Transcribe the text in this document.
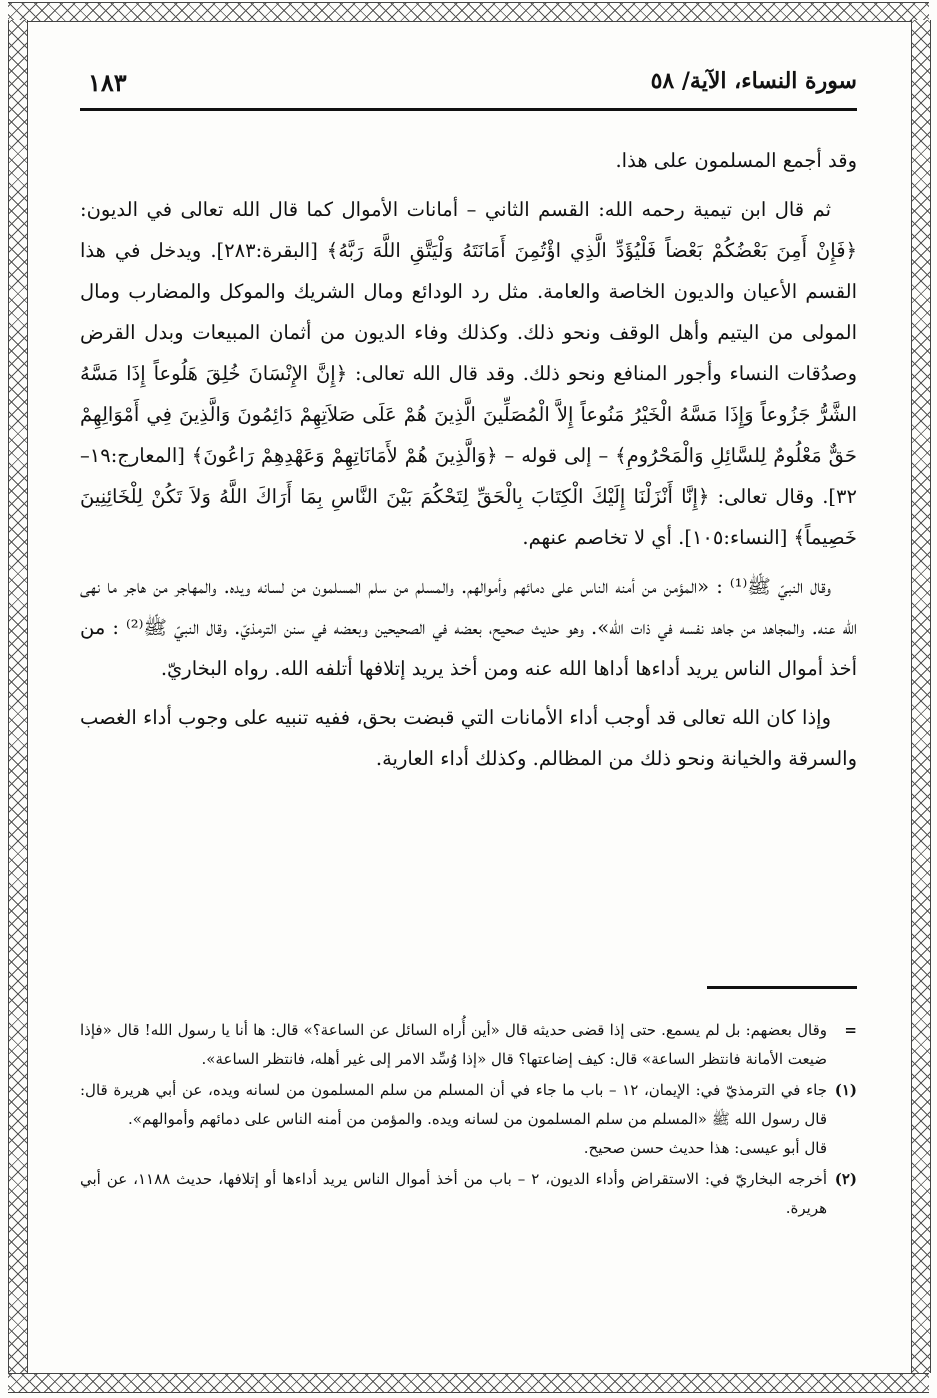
سورة النساء، الآية/ ٥٨
١٨٣

وقد أجمع المسلمون على هذا.

ثم قال ابن تيمية رحمه الله: القسم الثاني – أمانات الأموال كما قال الله تعالى في الديون: ﴿فَإِنْ أَمِنَ بَعْضُكُمْ بَعْضاً فَلْيُؤَدِّ الَّذِي اؤْتُمِنَ أَمَانَتَهُ وَلْيَتَّقِ اللَّهَ رَبَّهُ﴾ [البقرة:٢٨٣]. ويدخل في هذا القسم الأعيان والديون الخاصة والعامة. مثل رد الودائع ومال الشريك والموكل والمضارب ومال المولى من اليتيم وأهل الوقف ونحو ذلك. وكذلك وفاء الديون من أثمان المبيعات وبدل القرض وصدُقات النساء وأجور المنافع ونحو ذلك. وقد قال الله تعالى: ﴿إِنَّ الإِنْسَانَ خُلِقَ هَلُوعاً إِذَا مَسَّهُ الشَّرُّ جَزُوعاً وَإِذَا مَسَّهُ الْخَيْرُ مَنُوعاً إِلاَّ الْمُصَلِّينَ الَّذِينَ هُمْ عَلَى صَلاَتِهِمْ دَائِمُونَ وَالَّذِينَ فِي أَمْوَالِهِمْ حَقٌّ مَعْلُومٌ لِلسَّائِلِ وَالْمَحْرُومِ﴾ – إلى قوله – ﴿وَالَّذِينَ هُمْ لأَمَانَاتِهِمْ وَعَهْدِهِمْ رَاعُونَ﴾ [المعارج:١٩–٣٢]. وقال تعالى: ﴿إِنَّا أَنْزَلْنَا إِلَيْكَ الْكِتَابَ بِالْحَقِّ لِتَحْكُمَ بَيْنَ النَّاسِ بِمَا أَرَاكَ اللَّهُ وَلاَ تَكُنْ لِلْخَائِنِينَ خَصِيماً﴾ [النساء:١٠٥]. أي لا تخاصم عنهم.

وقال النبيّ ﷺ⁽¹⁾ : «المؤمن من أمنه الناس على دمائهم وأموالهم. والمسلم من سلم المسلمون من لسانه ويده. والمهاجر من هاجر ما نهى الله عنه. والمجاهد من جاهد نفسه في ذات الله». وهو حديث صحيح، بعضه في الصحيحين وبعضه في سنن الترمذيّ. وقال النبيّ ﷺ⁽²⁾ : من أخذ أموال الناس يريد أداءها أداها الله عنه ومن أخذ يريد إتلافها أتلفه الله. رواه البخاريّ.

وإذا كان الله تعالى قد أوجب أداء الأمانات التي قبضت بحق، ففيه تنبيه على وجوب أداء الغصب والسرقة والخيانة ونحو ذلك من المظالم. وكذلك أداء العارية.

=

وقال بعضهم: بل لم يسمع. حتى إذا قضى حديثه قال «أين أُراه السائل عن الساعة؟» قال: ها أنا يا رسول الله! قال «فإذا ضيعت الأمانة فانتظر الساعة» قال: كيف إضاعتها؟ قال «إذا وُسِّد الامر إلى غير أهله، فانتظر الساعة».

(١)

جاء في الترمذيّ في: الإيمان، ١٢ – باب ما جاء في أن المسلم من سلم المسلمون من لسانه ويده، عن أبي هريرة قال: قال رسول الله ﷺ «المسلم من سلم المسلمون من لسانه ويده. والمؤمن من أمنه الناس على دمائهم وأموالهم».

قال أبو عيسى: هذا حديث حسن صحيح.

(٢)

أخرجه البخاريّ في: الاستقراض وأداء الديون، ٢ – باب من أخذ أموال الناس يريد أداءها أو إتلافها، حديث ١١٨٨، عن أبي هريرة.
